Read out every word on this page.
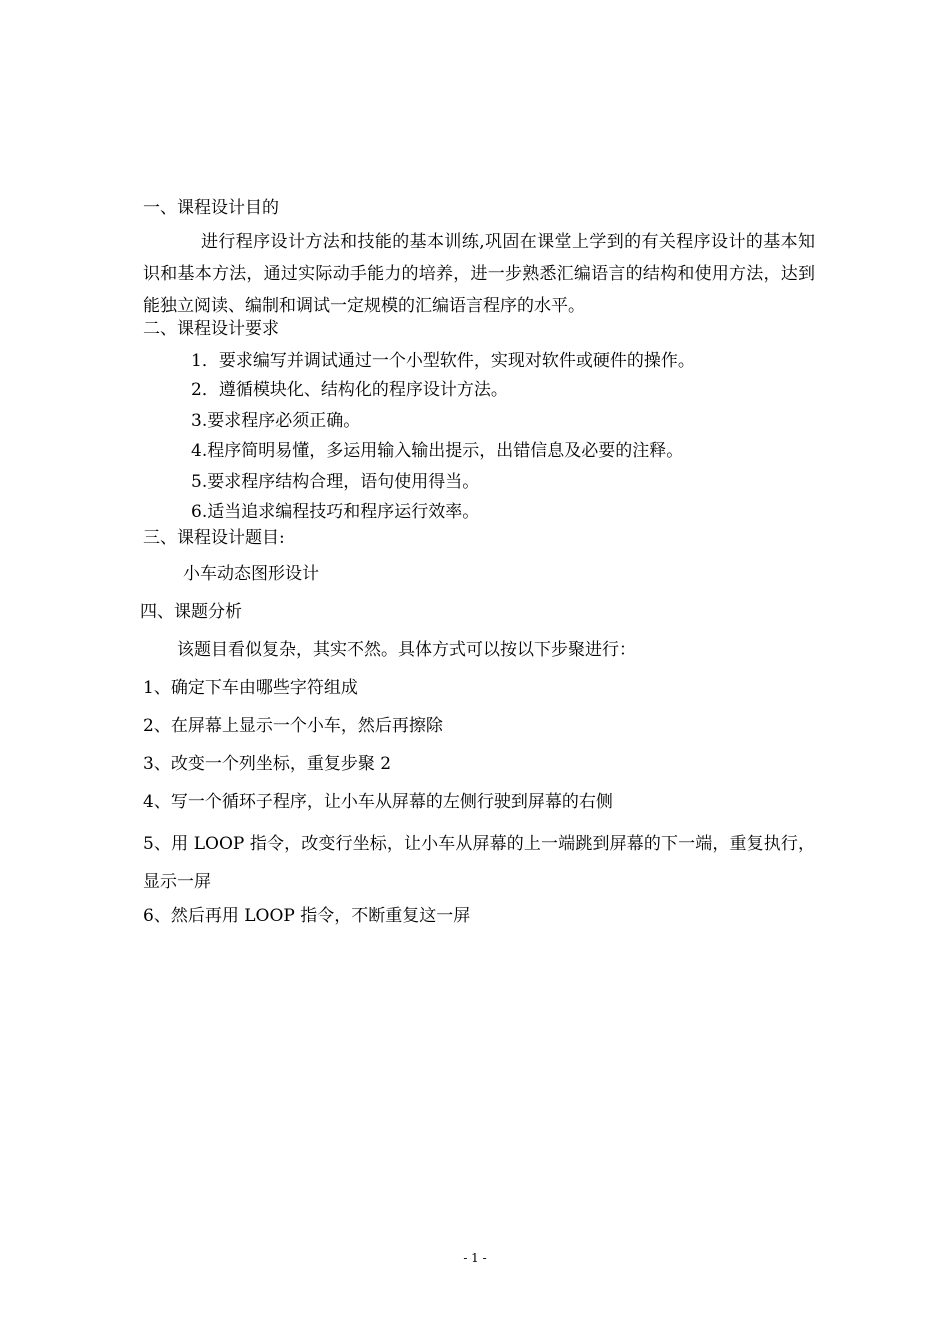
一、课程设计目的
进行程序设计方法和技能的基本训练,巩固在课堂上学到的有关程序设计的基本知识和基本方法，通过实际动手能力的培养，进一步熟悉汇编语言的结构和使用方法，达到能独立阅读、编制和调试一定规模的汇编语言程序的水平。
二、课程设计要求
1．要求编写并调试通过一个小型软件，实现对软件或硬件的操作。
2．遵循模块化、结构化的程序设计方法。
3.要求程序必须正确。
4.程序简明易懂，多运用输入输出提示，出错信息及必要的注释。
5.要求程序结构合理，语句使用得当。
6.适当追求编程技巧和程序运行效率。
三、课程设计题目:
小车动态图形设计
四、课题分析
该题目看似复杂，其实不然。具体方式可以按以下步聚进行：
1、确定下车由哪些字符组成
2、在屏幕上显示一个小车，然后再擦除
3、改变一个列坐标，重复步聚 2
4、写一个循环子程序，让小车从屏幕的左侧行驶到屏幕的右侧
5、用 LOOP 指令，改变行坐标，让小车从屏幕的上一端跳到屏幕的下一端，重复执行，显示一屏
6、然后再用 LOOP 指令，不断重复这一屏
- 1 -
